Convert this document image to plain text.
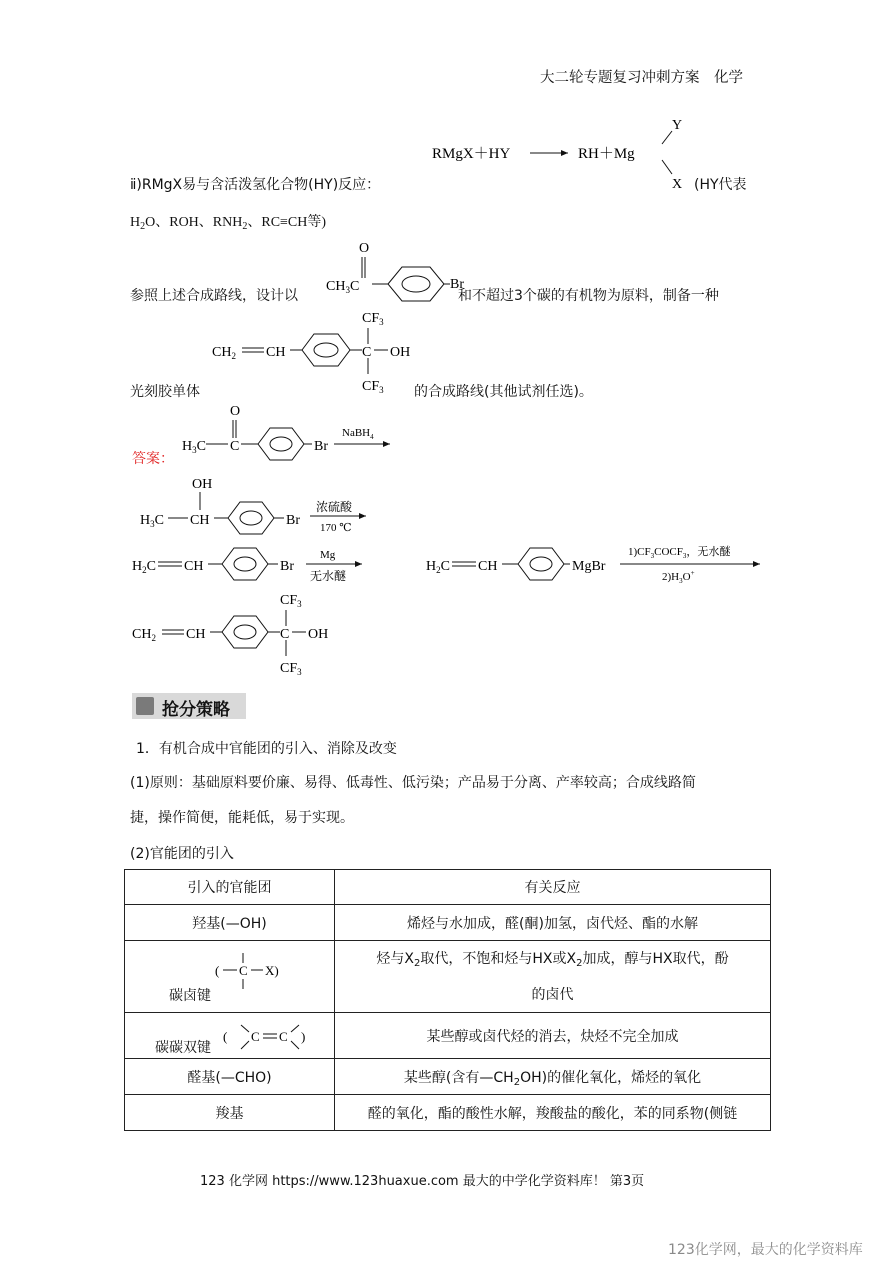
大二轮专题复习冲刺方案　化学
RMgX＋HY	RH＋Mg
Y
X
ⅱ)RMgX易与含活泼氢化合物(HY)反应：	(HY代表
$H_2O$、ROH、$RNH_2$、RC≡CH等)
参照上述合成路线，设计以
O
$CH_3C$	Br
和不超过3个碳的有机物为原料，制备一种
$CF_3$
$CH_2$ CH	C OH
$CF_3$
光刻胶单体	的合成路线(其他试剂任选)。
答案：
O
$H_3C$ C	Br
NaBH$_4$
OH
$H_3C$ CH	Br
浓硫酸
170 ℃
$H_2C$ CH	Br
Mg
无水醚
$H_2C$ CH	MgBr
$1)CF_3COCF_3$，无水醚
$2)H_3O^+$
$CF_3$
$CH_2$ CH	C OH
$CF_3$
抢分策略
1．有机合成中官能团的引入、消除及改变
(1)原则：基础原料要价廉、易得、低毒性、低污染；产品易于分离、产率较高；合成线路简
捷，操作简便，能耗低，易于实现。
(2)官能团的引入
引入的官能团	有关反应
羟基(—OH)	烯烃与水加成，醛(酮)加氢，卤代烃、酯的水解

( C X)
碳卤键	烃与$X_2$取代，不饱和烃与HX或$X_2$加成，醇与HX取代，酚
的卤代

( C C )
碳碳双键	某些醇或卤代烃的消去，炔烃不完全加成
醛基(—CHO)	某些醇(含有$—CH_2OH$)的催化氧化，烯烃的氧化
羧基	醛的氧化，酯的酸性水解，羧酸盐的酸化，苯的同系物(侧链
123 化学网 https://www.123huaxue.com 最大的中学化学资料库！ 第3页
123化学网，最大的化学资料库
